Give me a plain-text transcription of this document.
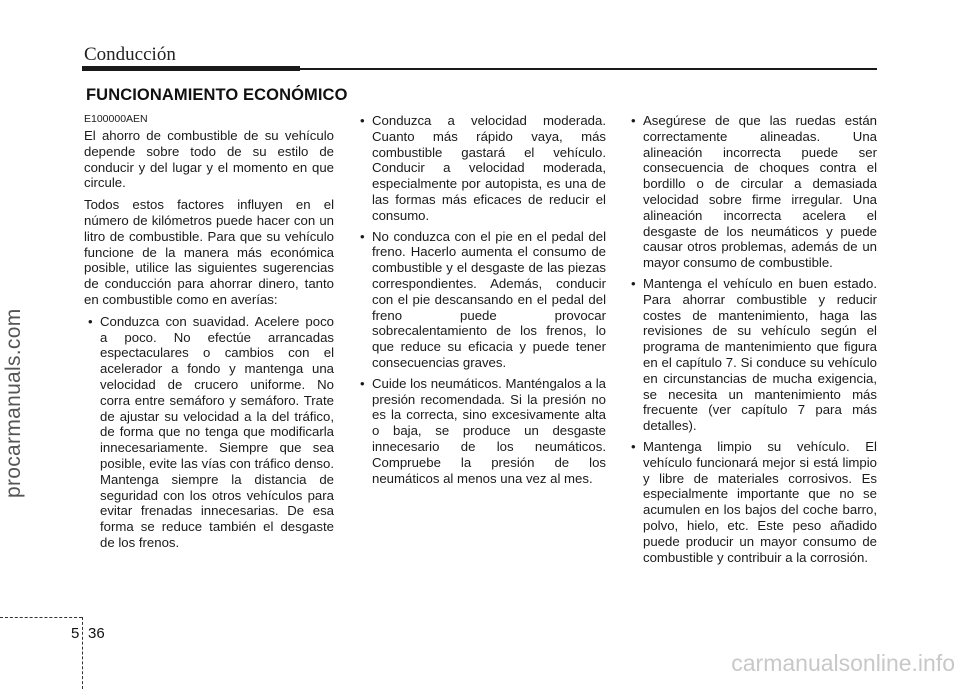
Conducción
FUNCIONAMIENTO ECONÓMICO

E100000AEN

El ahorro de combustible de su vehículo depende sobre todo de su estilo de conducir y del lugar y el momento en que circule.

Todos estos factores influyen en el número de kilómetros puede hacer con un litro de combustible. Para que su vehículo funcione de la manera más económica posible, utilice las siguientes sugerencias de conducción para ahorrar dinero, tanto en combustible como en averías:

• Conduzca con suavidad. Acelere poco a poco. No efectúe arrancadas espectaculares o cambios con el acelerador a fondo y mantenga una velocidad de crucero uniforme. No corra entre semáforo y semáforo. Trate de ajustar su velocidad a la del tráfico, de forma que no tenga que modificarla innecesariamente. Siempre que sea posible, evite las vías con tráfico denso. Mantenga siempre la distancia de seguridad con los otros vehículos para evitar frenadas innecesarias. De esa forma se reduce también el desgaste de los frenos.
• Conduzca a velocidad moderada. Cuanto más rápido vaya, más combustible gastará el vehículo. Conducir a velocidad moderada, especialmente por autopista, es una de las formas más eficaces de reducir el consumo.
• No conduzca con el pie en el pedal del freno. Hacerlo aumenta el consumo de combustible y el desgaste de las piezas correspondientes. Además, conducir con el pie descansando en el pedal del freno puede provocar sobrecalentamiento de los frenos, lo que reduce su eficacia y puede tener consecuencias graves.
• Cuide los neumáticos. Manténgalos a la presión recomendada. Si la presión no es la correcta, sino excesivamente alta o baja, se produce un desgaste innecesario de los neumáticos. Compruebe la presión de los neumáticos al menos una vez al mes.
• Asegúrese de que las ruedas están correctamente alineadas. Una alineación incorrecta puede ser consecuencia de choques contra el bordillo o de circular a demasiada velocidad sobre firme irregular. Una alineación incorrecta acelera el desgaste de los neumáticos y puede causar otros problemas, además de un mayor consumo de combustible.
• Mantenga el vehículo en buen estado. Para ahorrar combustible y reducir costes de mantenimiento, haga las revisiones de su vehículo según el programa de mantenimiento que figura en el capítulo 7. Si conduce su vehículo en circunstancias de mucha exigencia, se necesita un mantenimiento más frecuente (ver capítulo 7 para más detalles).
• Mantenga limpio su vehículo. El vehículo funcionará mejor si está limpio y libre de materiales corrosivos. Es especialmente importante que no se acumulen en los bajos del coche barro, polvo, hielo, etc. Este peso añadido puede producir un mayor consumo de combustible y contribuir a la corrosión.
procarmanuals.com
carmanualsonline.info
5 36
